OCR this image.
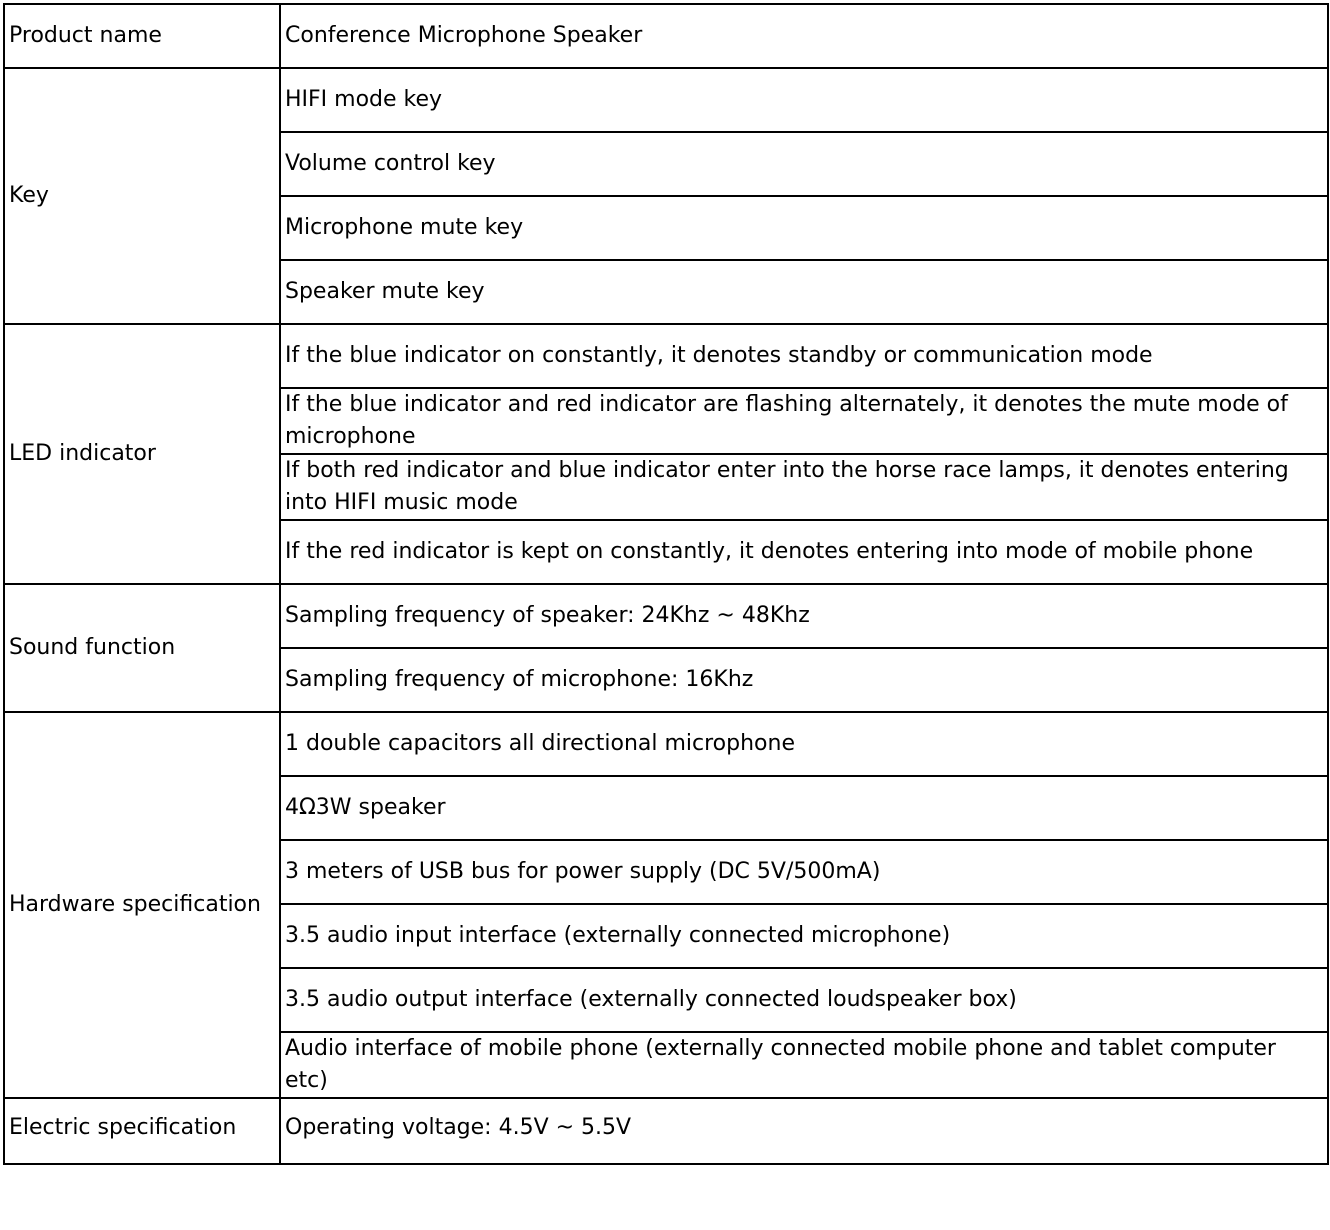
Product name	Conference Microphone Speaker
Key	HIFI mode key
	Volume control key
	Microphone mute key
	Speaker mute key
LED indicator	If the blue indicator on constantly, it denotes standby or communication mode
	If the blue indicator and red indicator are flashing alternately, it denotes the mute mode of microphone
	If both red indicator and blue indicator enter into the horse race lamps, it denotes entering into HIFI music mode
	If the red indicator is kept on constantly, it denotes entering into mode of mobile phone
Sound function	Sampling frequency of speaker: 24Khz ~ 48Khz
	Sampling frequency of microphone: 16Khz
Hardware specification	1 double capacitors all directional microphone
	4Ω3W speaker
	3 meters of USB bus for power supply (DC 5V/500mA)
	3.5 audio input interface (externally connected microphone)
	3.5 audio output interface (externally connected loudspeaker box)
	Audio interface of mobile phone (externally connected mobile phone and tablet computer etc)
Electric specification	Operating voltage: 4.5V ~ 5.5V
